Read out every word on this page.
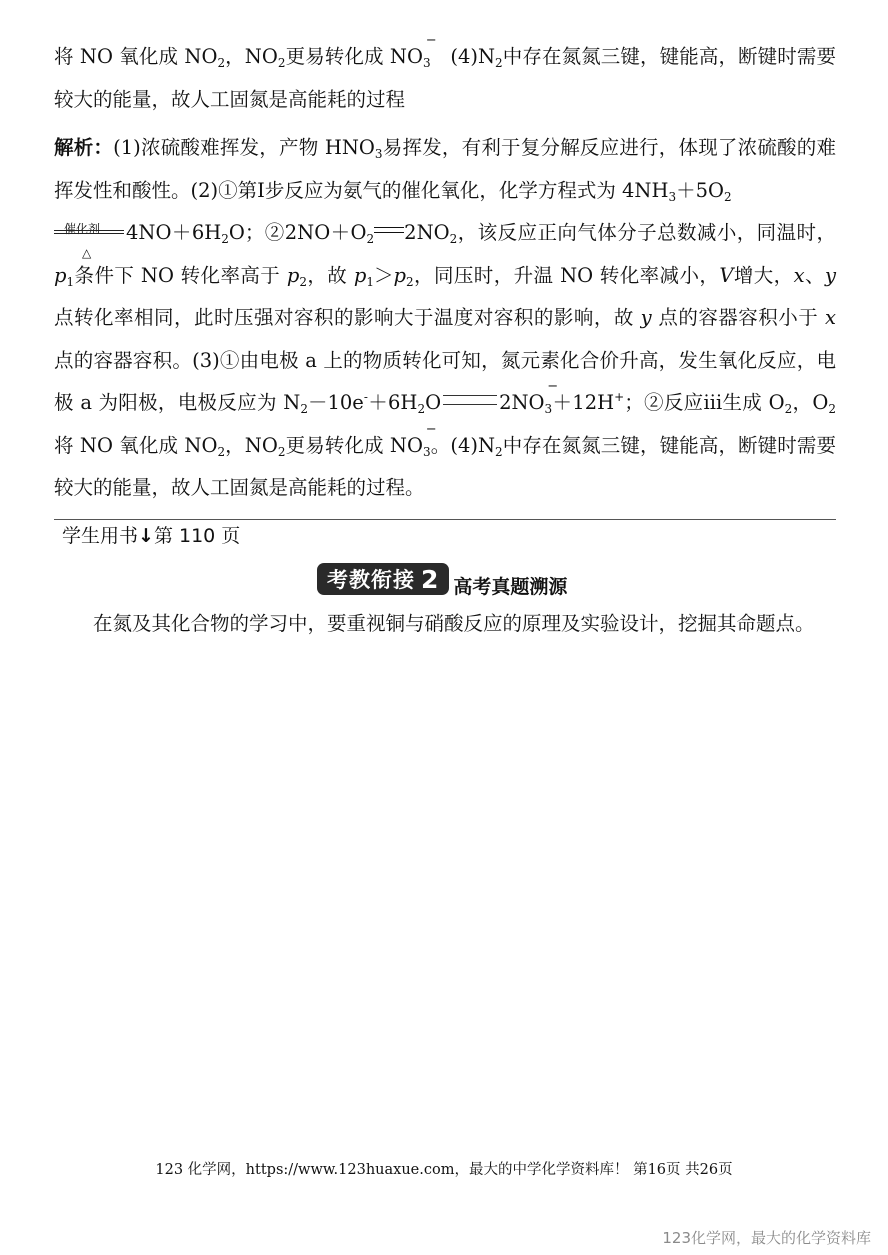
将 NO 氧化成 $NO_2$，$NO_2$更易转化成 $NO_3$
−
　$(4)N_2$中存在氮氮三键，键能高，断键时需要较大的能量，故人工固氮是高能耗的过程

解析：(1)浓硫酸难挥发，产物 $HNO_3$易挥发，有利于复分解反应进行，体现了浓硫酸的难挥发性和酸性。(2)①第Ⅰ步反应为氨气的催化氧化，化学方程式为 $4NH_3+5O_2$

催化剂
△
$4NO+6H_2O$；$②2NO+O_2$ $2NO_2$，该反应正向气体分子总数减小，同温时，$p_1$条件下 NO 转化率高于 $p_2$，故 $p_1>p_2$，同压时，升温 NO 转化率减小，V增大，x、y 点转化率相同，此时压强对容积的影响大于温度对容积的影响，故 y 点的容器容积小于 x 点的容器容积。(3)①由电极 a 上的物质转化可知，氮元素化合价升高，发生氧化反应，电极 a 为阳极，电极反应为 $N_2-10e^-+6H_2O$	$2NO_3$
−
＋12H+；②反应ⅲ生成 $O_2$，$O_2$将 NO 氧化成 $NO_2$，$NO_2$更易转化成 $NO_3$
−
。$(4)N_2$中存在氮氮三键，键能高，断键时需要较大的能量，故人工固氮是高能耗的过程。

学生用书↓第 110 页
考教衔接 2 高考真题溯源

在氮及其化合物的学习中，要重视铜与硝酸反应的原理及实验设计，挖掘其命题点。

123 化学网，https://www.123huaxue.com，最大的中学化学资料库！ 第16页 共26页
123化学网，最大的化学资料库
